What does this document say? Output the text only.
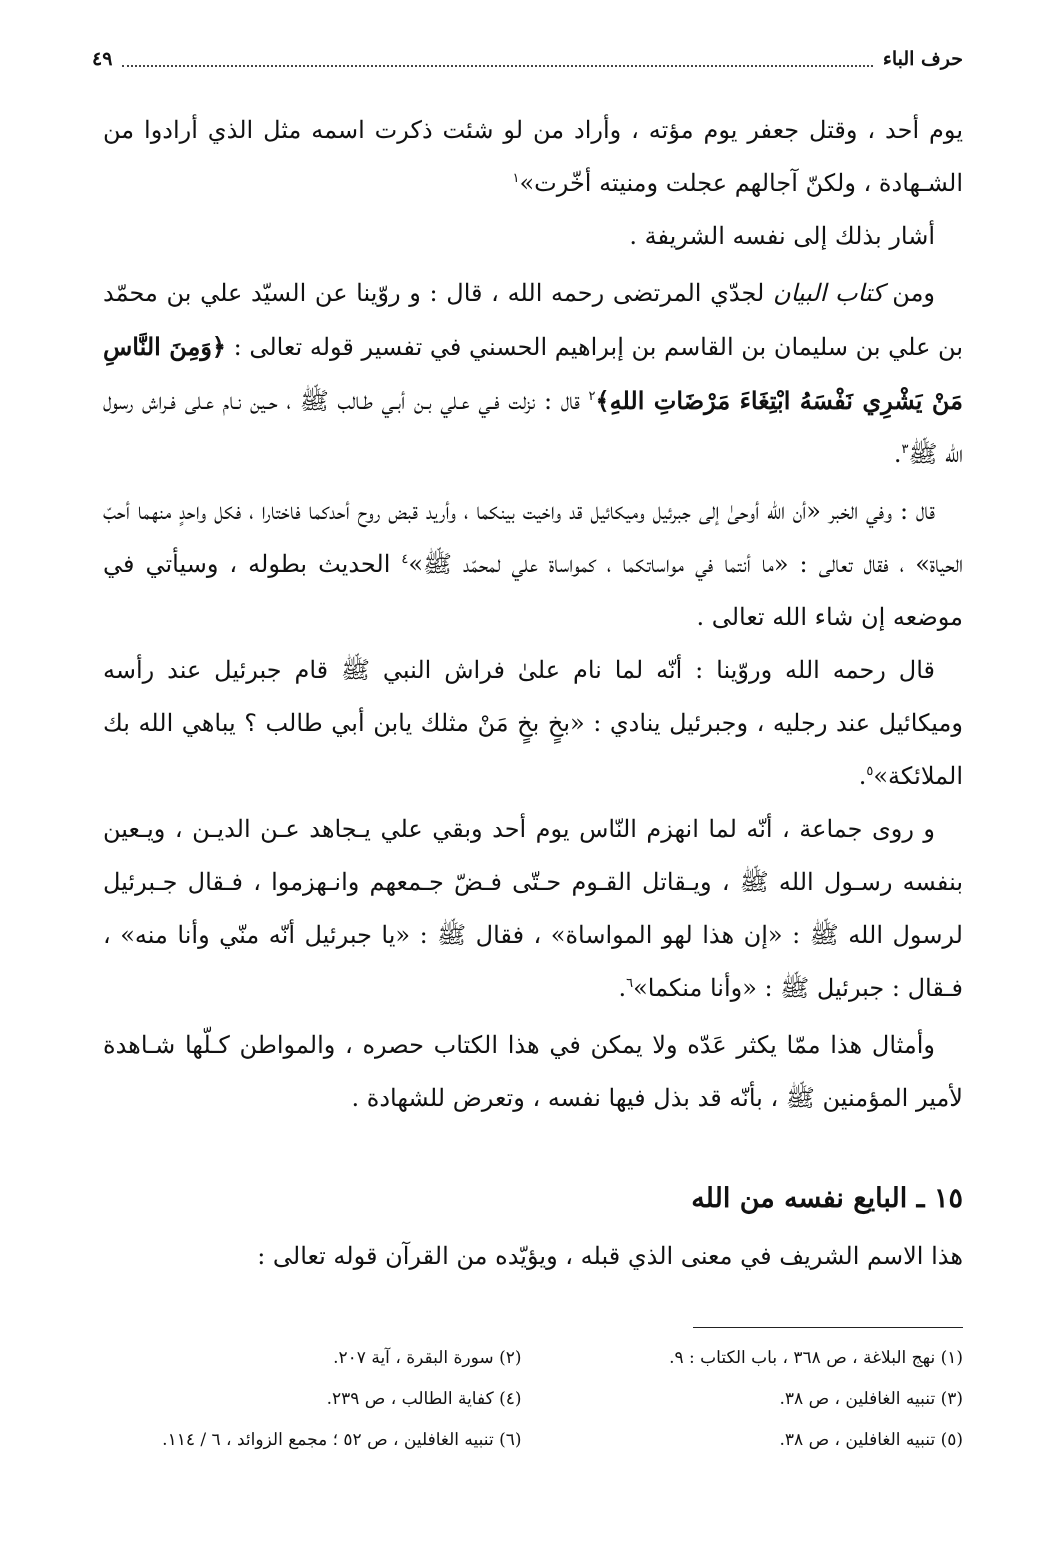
حرف الباء
٤٩

يوم أحد ، وقتل جعفر يوم مؤته ، وأراد من لو شئت ذكرت اسمه مثل الذي أرادوا من الشـهادة ، ولكنّ آجالهم عجلت ومنيته أخّرت»$^١$

أشار بذلك إلى نفسه الشريفة .

ومن كتاب البيان لجدّي المرتضى رحمه الله ، قال : و روّينا عن السيّد علي بن محمّد بن علي بن سليمان بن القاسم بن إبراهيم الحسني في تفسير قوله تعالى : ﴿وَمِنَ النَّاسِ مَنْ يَشْرِي نَفْسَهُ ابْتِغَاءَ مَرْضَاتِ اللهِ﴾$^٢$ قال : نزلت فـي عـلي بـن أبـي طـالب ﷺ ، حـين نـام عـلى فـراش رسول الله ﷺ$^٣$.

قال : وفي الخبر «أن الله أوحىٰ إلى جبرئيل وميكائيل قد واخيت بينكما ، وأريد قبض روح أحدكما فاختارا ، فكل واحدٍ منهما أحبّ الحياة» ، فقال تعالى : «ما أنتما في مواساتكما ، كمواساة علي لمحمّد ﷺ»$^٤$ الحديث بطوله ، وسيأتي في موضعه إن شاء الله تعالى .

قال رحمه الله وروّينا : أنّه لما نام علىٰ فراش النبي ﷺ قام جبرئيل عند رأسه وميكائيل عند رجليه ، وجبرئيل ينادي : «بخٍ بخٍ مَنْ مثلك يابن أبي طالب ؟ يباهي الله بك الملائكة»$^٥$.

و روى جماعة ، أنّه لما انهزم النّاس يوم أحد وبقي علي يـجاهد عـن الديـن ، ويـعين بنفسه رسـول الله ﷺ ، ويـقاتل القـوم حـتّى فـضّ جـمعهم وانـهزموا ، فـقال جـبرئيل لرسول الله ﷺ : «إن هذا لهو المواساة» ، فقال ﷺ : «يا جبرئيل أنّه منّي وأنا منه» ، فـقال : جبرئيل ﷺ : «وأنا منكما»$^٦$.

وأمثال هذا ممّا يكثر عَدّه ولا يمكن في هذا الكتاب حصره ، والمواطن كـلّها شـاهدة لأمير المؤمنين ﷺ ، بأنّه قد بذل فيها نفسه ، وتعرض للشهادة .

١٥ ـ البايع نفسه من الله
هذا الاسم الشريف في معنى الذي قبله ، ويؤيّده من القرآن قوله تعالى :
(١) نهج البلاغة ، ص ٣٦٨ ، باب الكتاب : ٩.
(٢) سورة البقرة ، آية ٢٠٧.
(٣) تنبيه الغافلين ، ص ٣٨.
(٤) كفاية الطالب ، ص ٢٣٩.
(٥) تنبيه الغافلين ، ص ٣٨.
(٦) تنبيه الغافلين ، ص ٥٢ ؛ مجمع الزوائد ، ٦ / ١١٤.
